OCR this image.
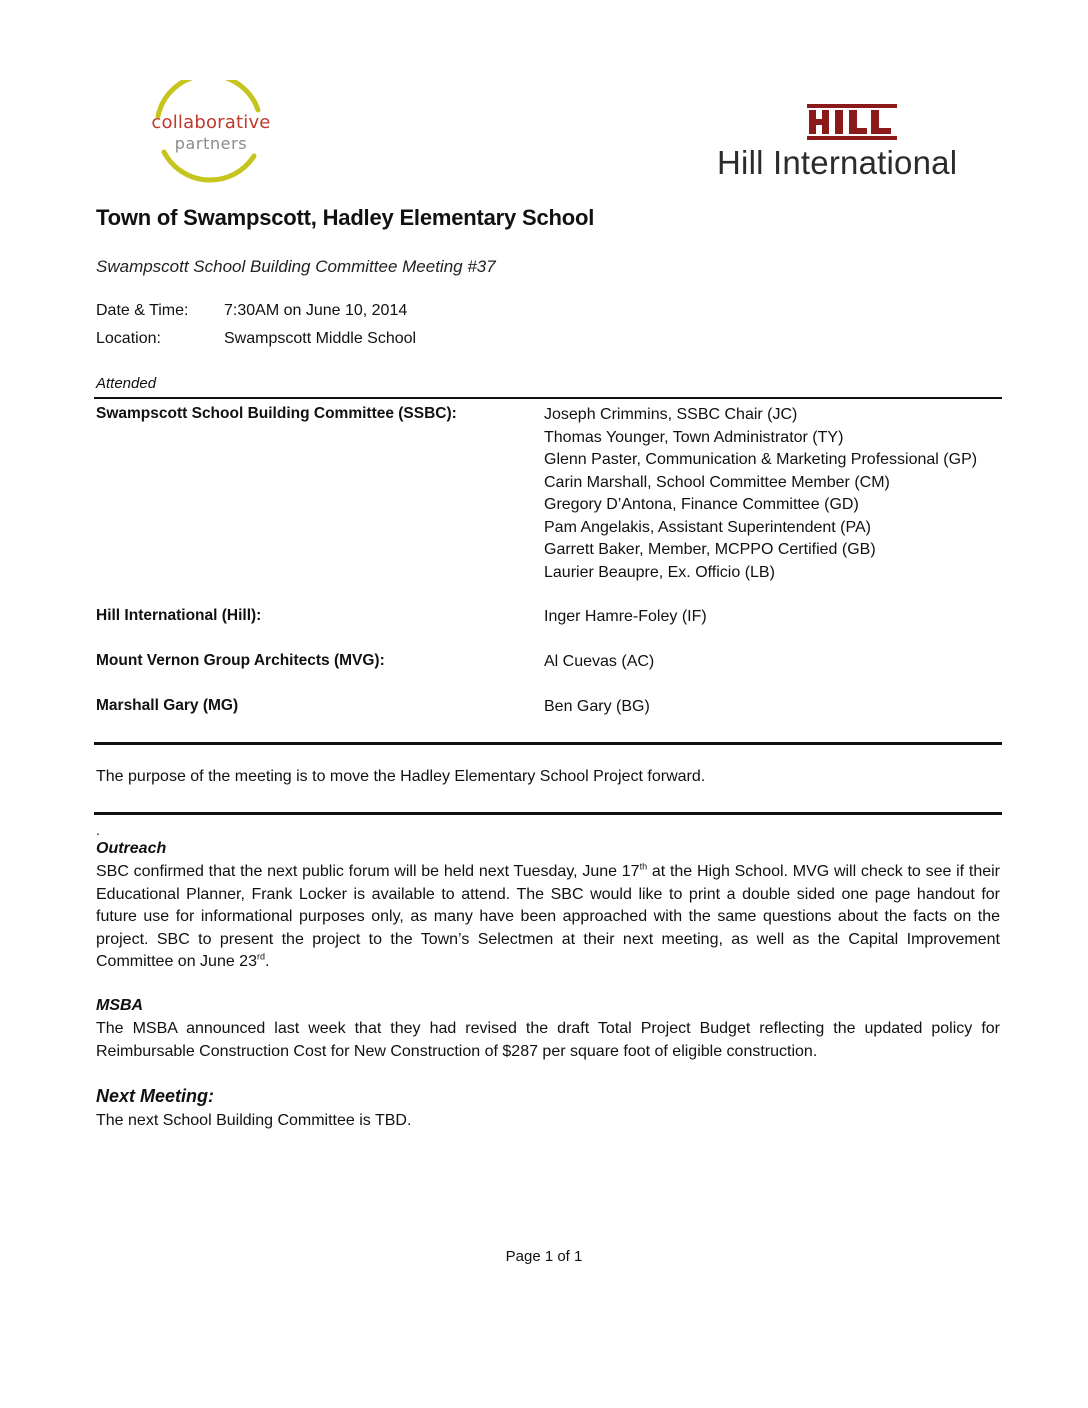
collaborative
partners
Hill International
Town of Swampscott, Hadley Elementary School
Swampscott School Building Committee Meeting #37
Date & Time: 7:30AM on June 10, 2014
Location:	Swampscott Middle School
Attended
Swampscott School Building Committee (SSBC):	Joseph Crimmins, SSBC Chair (JC)
Thomas Younger, Town Administrator (TY)
Glenn Paster, Communication & Marketing Professional (GP)
Carin Marshall, School Committee Member (CM)
Gregory D’Antona, Finance Committee (GD)
Pam Angelakis, Assistant Superintendent (PA)
Garrett Baker, Member, MCPPO Certified (GB)
Laurier Beaupre, Ex. Officio (LB)
Hill International (Hill):	Inger Hamre-Foley (IF)
Mount Vernon Group Architects (MVG):	Al Cuevas (AC)
Marshall Gary (MG)	Ben Gary (BG)
The purpose of the meeting is to move the Hadley Elementary School Project forward.
.
Outreach
SBC confirmed that the next public forum will be held next Tuesday, June 17th at the High School. MVG will check to see if their Educational Planner, Frank Locker is available to attend. The SBC would like to print a double sided one page handout for future use for informational purposes only, as many have been approached with the same questions about the facts on the project. SBC to present the project to the Town’s Selectmen at their next meeting, as well as the Capital Improvement Committee on June 23rd.
MSBA
The MSBA announced last week that they had revised the draft Total Project Budget reflecting the updated policy for Reimbursable Construction Cost for New Construction of $287 per square foot of eligible construction.
Next Meeting:
The next School Building Committee is TBD.
Page 1 of 1
